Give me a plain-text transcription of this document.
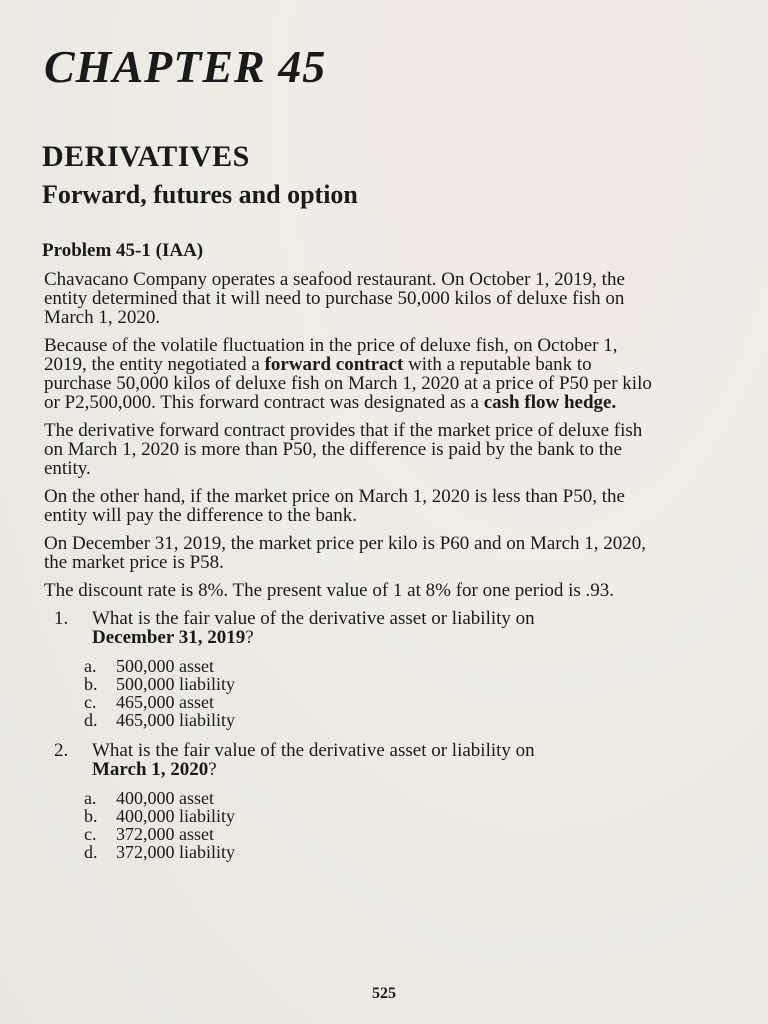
CHAPTER 45
DERIVATIVES
Forward, futures and option
Problem 45-1 (IAA)

Chavacano Company operates a seafood restaurant. On October 1, 2019, the entity determined that it will need to purchase 50,000 kilos of deluxe fish on March 1, 2020.

Because of the volatile fluctuation in the price of deluxe fish, on October 1, 2019, the entity negotiated a forward contract with a reputable bank to purchase 50,000 kilos of deluxe fish on March 1, 2020 at a price of P50 per kilo or P2,500,000. This forward contract was designated as a cash flow hedge.

The derivative forward contract provides that if the market price of deluxe fish on March 1, 2020 is more than P50, the difference is paid by the bank to the entity.

On the other hand, if the market price on March 1, 2020 is less than P50, the entity will pay the difference to the bank.

On December 31, 2019, the market price per kilo is P60 and on March 1, 2020, the market price is P58.

The discount rate is 8%. The present value of 1 at 8% for one period is .93.

1.	What is the fair value of the derivative asset or liability on
December 31, 2019?
a.	500,000 asset
b.	500,000 liability
c.	465,000 asset
d.	465,000 liability
2.	What is the fair value of the derivative asset or liability on
March 1, 2020?
a.	400,000 asset
b.	400,000 liability
c.	372,000 asset
d.	372,000 liability
525
